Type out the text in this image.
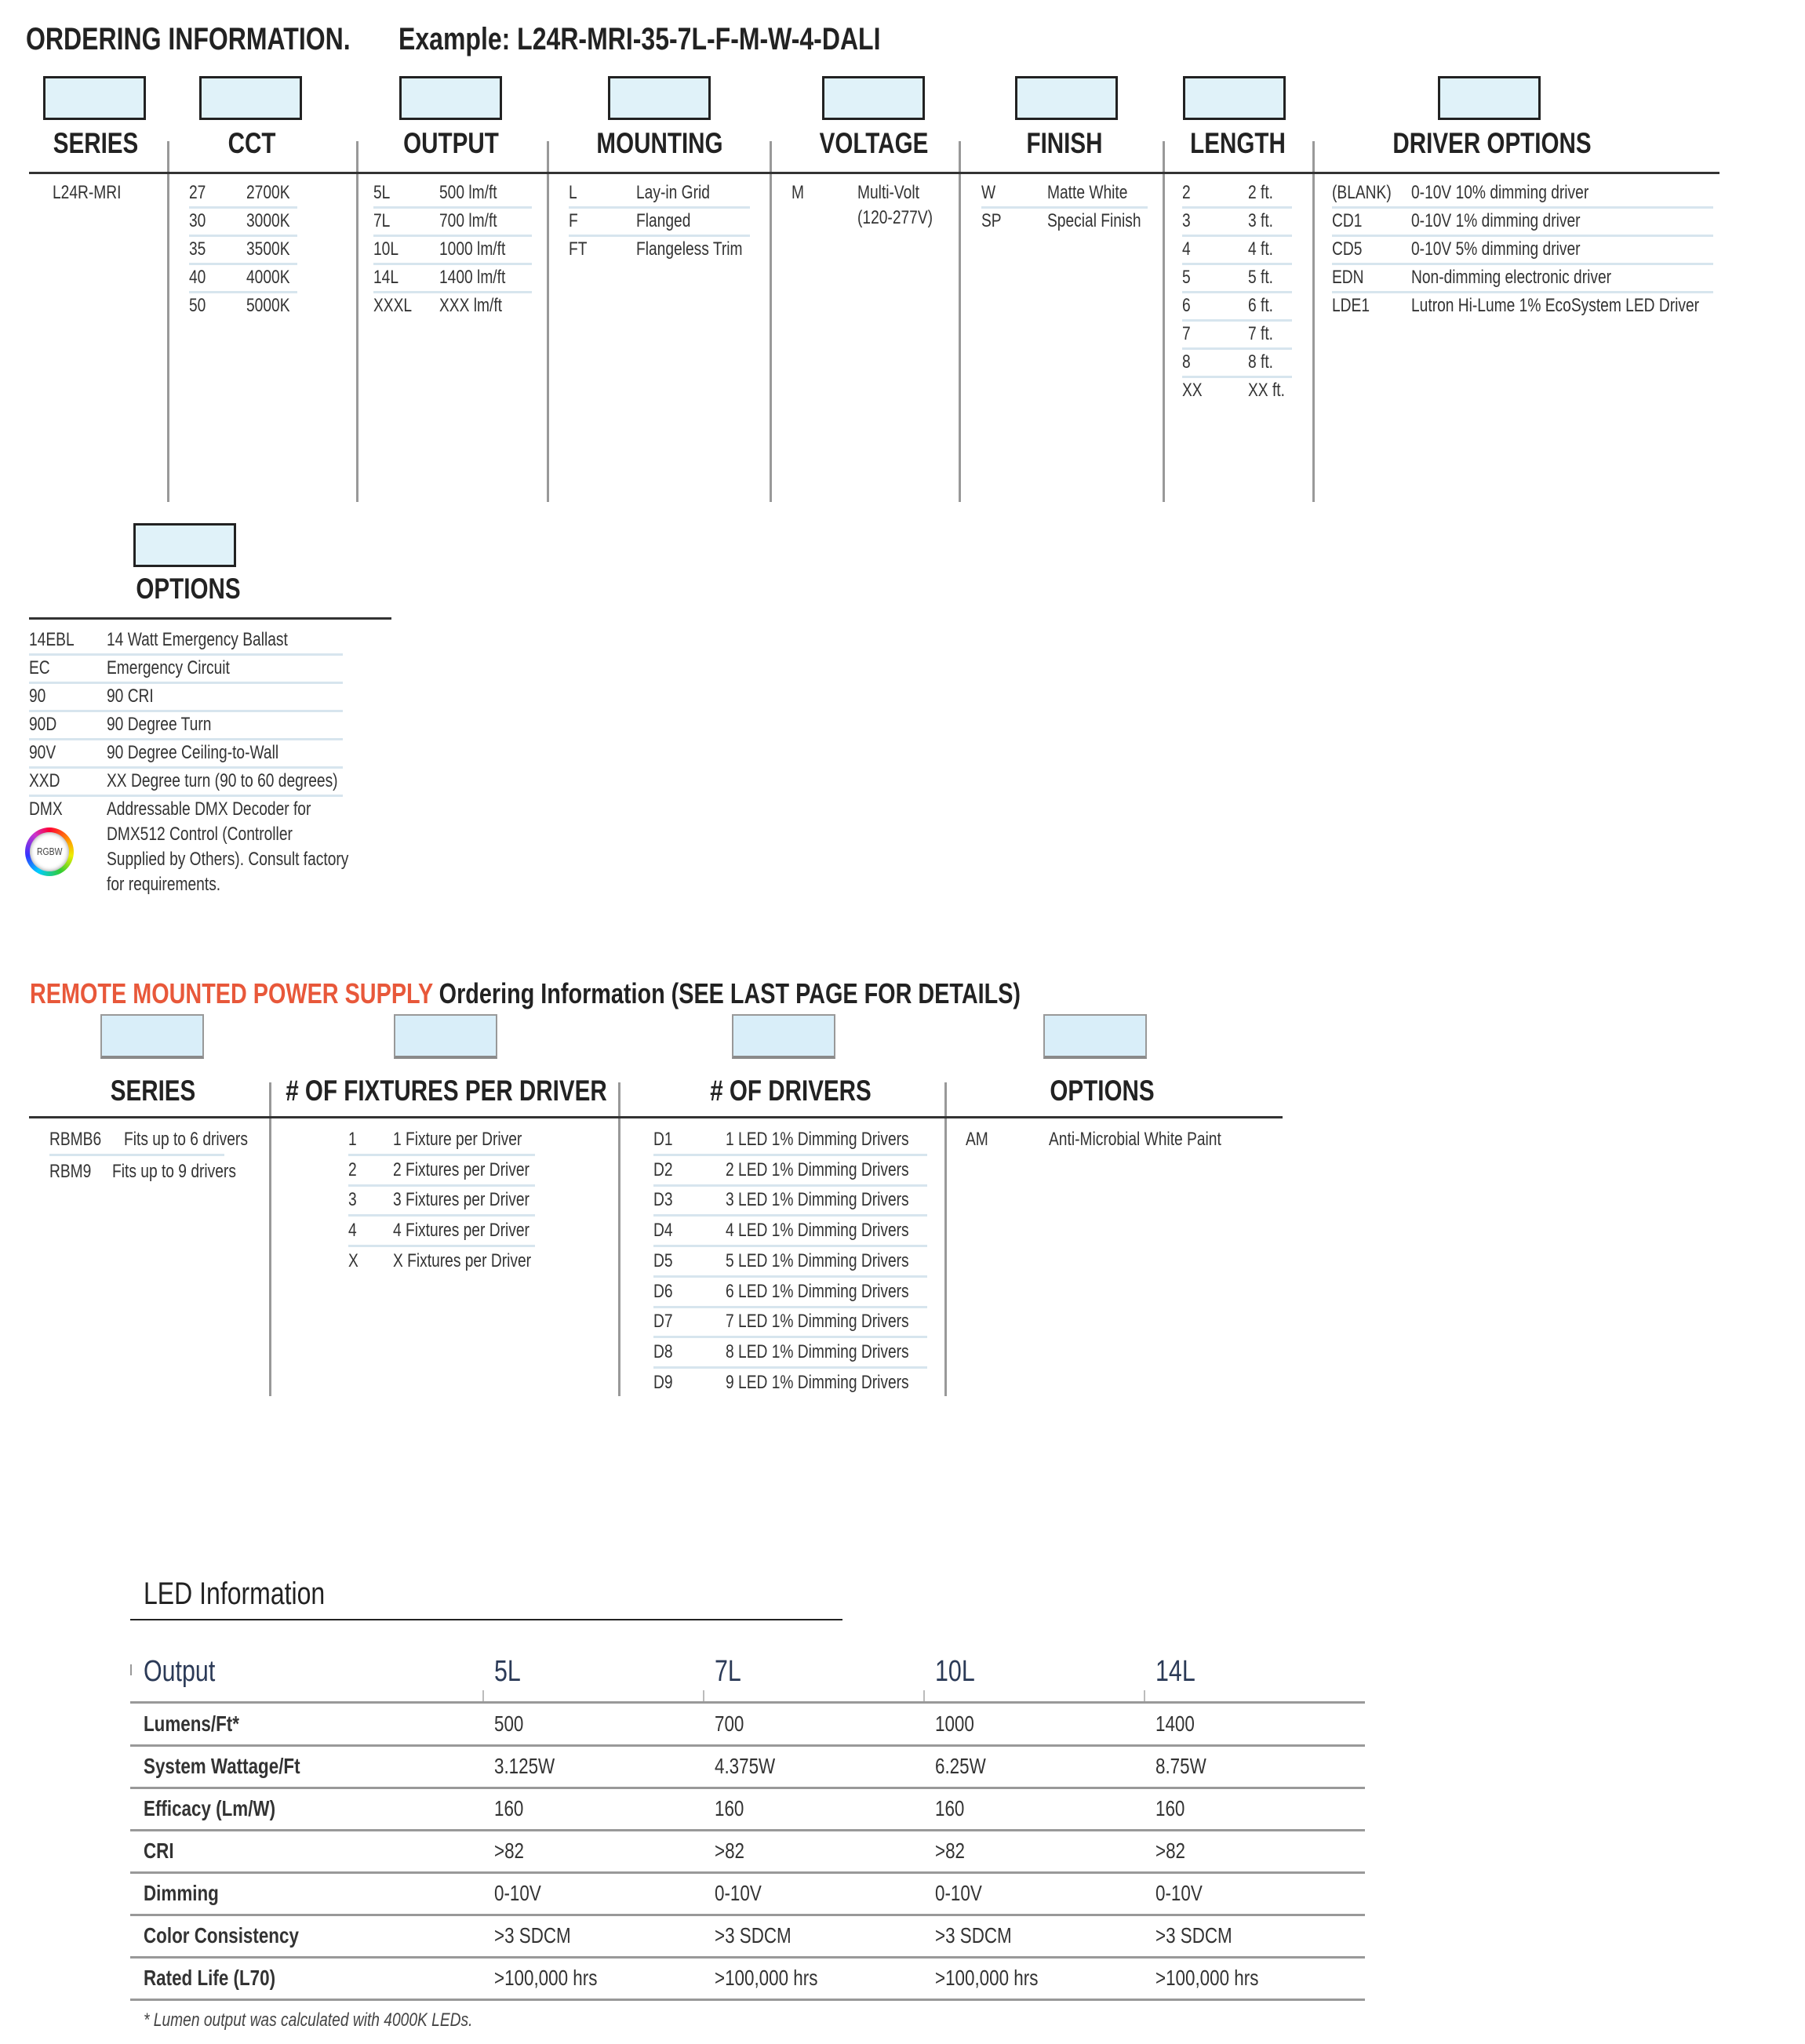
ORDERING INFORMATION.	Example: L24R-MRI-35-7L-F-M-W-4-DALI
SERIES
L24R-MRI
CCT
27 2700K
30 3000K
35 3500K
40 4000K
50 5000K
OUTPUT
5L	500 lm/ft
7L	700 lm/ft
10L	1000 lm/ft
14L	1400 lm/ft
XXXL	XXX lm/ft
MOUNTING
L	Lay-in Grid
F	Flanged
FT	Flangeless Trim
VOLTAGE
M	Multi-Volt
(120-277V)
FINISH
W	Matte White
SP Special Finish
LENGTH
2	2 ft.
3	3 ft.
4	4 ft.
5	5 ft.
6	6 ft.
7	7 ft.
8	8 ft.
XX XX ft.
DRIVER OPTIONS
(BLANK)	0-10V 10% dimming driver
CD1	0-10V 1% dimming driver
CD5	0-10V 5% dimming driver
EDN	Non-dimming electronic driver
LDE1	Lutron Hi-Lume 1% EcoSystem LED Driver
OPTIONS
14EBL	14 Watt Emergency Ballast
EC	Emergency Circuit
90	90 CRI
90D	90 Degree Turn
90V	90 Degree Ceiling-to-Wall
XXD	XX Degree turn (90 to 60 degrees)
DMX	Addressable DMX Decoder for
DMX512 Control (Controller
Supplied by Others). Consult factory
for requirements.
RGBW
REMOTE MOUNTED POWER SUPPLY Ordering Information (SEE LAST PAGE FOR DETAILS)
SERIES
RBMB6	Fits up to 6 drivers
RBM9	Fits up to 9 drivers
# OF FIXTURES PER DRIVER
1 1 Fixture per Driver
2 2 Fixtures per Driver
3 3 Fixtures per Driver
4 4 Fixtures per Driver
X X Fixtures per Driver
# OF DRIVERS
D1	1 LED 1% Dimming Drivers
D2	2 LED 1% Dimming Drivers
D3	3 LED 1% Dimming Drivers
D4	4 LED 1% Dimming Drivers
D5	5 LED 1% Dimming Drivers
D6	6 LED 1% Dimming Drivers
D7	7 LED 1% Dimming Drivers
D8	8 LED 1% Dimming Drivers
D9	9 LED 1% Dimming Drivers
OPTIONS
AM	Anti-Microbial White Paint
LED Information
Output	5L	7L	10L	14L
Lumens/Ft*	500	700	1000	1400
System Wattage/Ft	3.125W	4.375W	6.25W	8.75W
Efficacy (Lm/W)	160	160	160	160
CRI	>82	>82	>82	>82
Dimming	0-10V	0-10V	0-10V	0-10V
Color Consistency	>3 SDCM	>3 SDCM	>3 SDCM	>3 SDCM
Rated Life (L70)	>100,000 hrs	>100,000 hrs	>100,000 hrs	>100,000 hrs
* Lumen output was calculated with 4000K LEDs.
